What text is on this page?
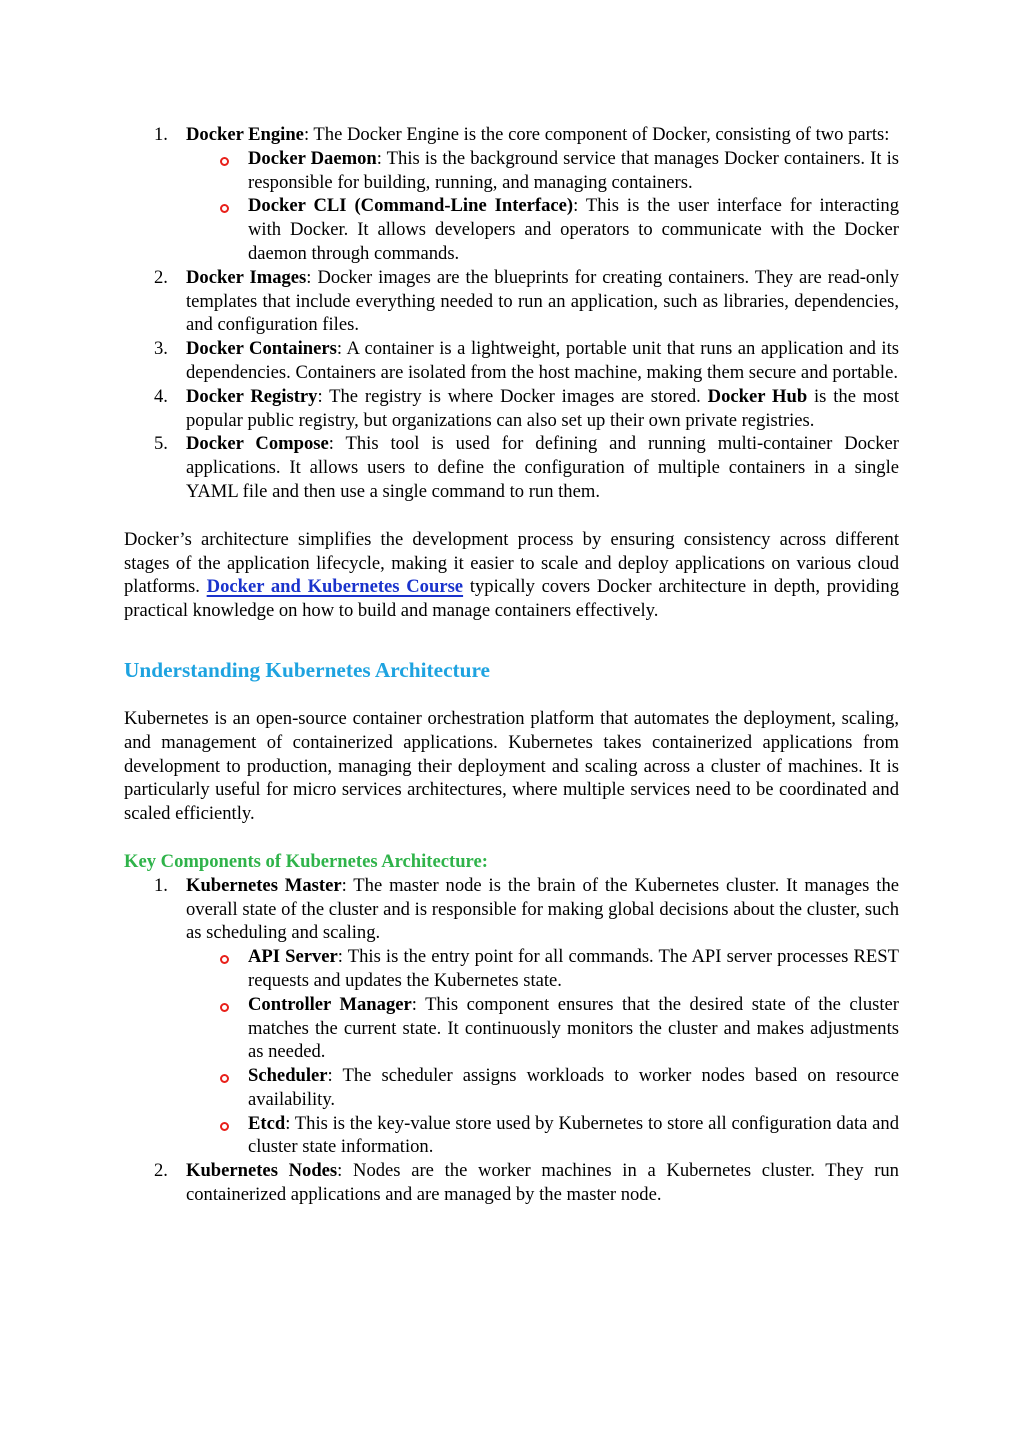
1. Docker Engine: The Docker Engine is the core component of Docker, consisting of two parts:
Docker Daemon: This is the background service that manages Docker containers. It is responsible for building, running, and managing containers.
Docker CLI (Command-Line Interface): This is the user interface for interacting with Docker. It allows developers and operators to communicate with the Docker daemon through commands.
2. Docker Images: Docker images are the blueprints for creating containers. They are read-only templates that include everything needed to run an application, such as libraries, dependencies, and configuration files.
3. Docker Containers: A container is a lightweight, portable unit that runs an application and its dependencies. Containers are isolated from the host machine, making them secure and portable.
4. Docker Registry: The registry is where Docker images are stored. Docker Hub is the most popular public registry, but organizations can also set up their own private registries.
5. Docker Compose: This tool is used for defining and running multi-container Docker applications. It allows users to define the configuration of multiple containers in a single YAML file and then use a single command to run them.

Docker’s architecture simplifies the development process by ensuring consistency across different stages of the application lifecycle, making it easier to scale and deploy applications on various cloud platforms. Docker and Kubernetes Course typically covers Docker architecture in depth, providing practical knowledge on how to build and manage containers effectively.

Understanding Kubernetes Architecture

Kubernetes is an open-source container orchestration platform that automates the deployment, scaling, and management of containerized applications. Kubernetes takes containerized applications from development to production, managing their deployment and scaling across a cluster of machines. It is particularly useful for micro services architectures, where multiple services need to be coordinated and scaled efficiently.

Key Components of Kubernetes Architecture:
1. Kubernetes Master: The master node is the brain of the Kubernetes cluster. It manages the overall state of the cluster and is responsible for making global decisions about the cluster, such as scheduling and scaling.
API Server: This is the entry point for all commands. The API server processes REST requests and updates the Kubernetes state.
Controller Manager: This component ensures that the desired state of the cluster matches the current state. It continuously monitors the cluster and makes adjustments as needed.
Scheduler: The scheduler assigns workloads to worker nodes based on resource availability.
Etcd: This is the key-value store used by Kubernetes to store all configuration data and cluster state information.
2. Kubernetes Nodes: Nodes are the worker machines in a Kubernetes cluster. They run containerized applications and are managed by the master node.
